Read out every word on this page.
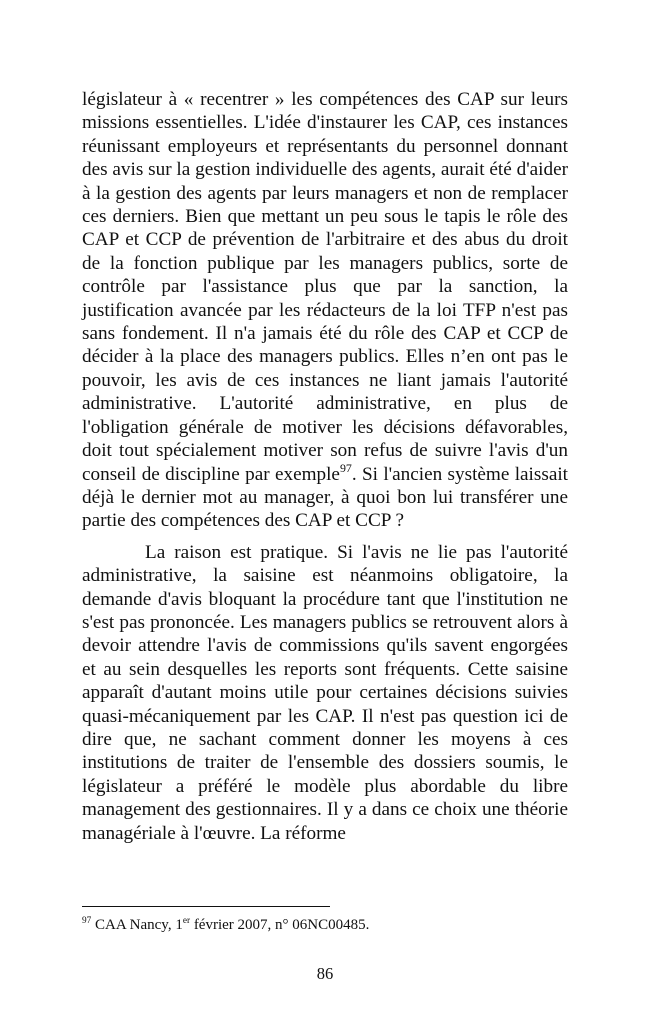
législateur à « recentrer » les compétences des CAP sur leurs missions essentielles. L'idée d'instaurer les CAP, ces instances réunissant employeurs et représentants du personnel donnant des avis sur la gestion individuelle des agents, aurait été d'aider à la gestion des agents par leurs managers et non de remplacer ces derniers. Bien que mettant un peu sous le tapis le rôle des CAP et CCP de prévention de l'arbitraire et des abus du droit de la fonction publique par les managers publics, sorte de contrôle par l'assistance plus que par la sanction, la justification avancée par les rédacteurs de la loi TFP n'est pas sans fondement. Il n'a jamais été du rôle des CAP et CCP de décider à la place des managers publics. Elles n’en ont pas le pouvoir, les avis de ces instances ne liant jamais l'autorité administrative. L'autorité administrative, en plus de l'obligation générale de motiver les décisions défavorables, doit tout spécialement motiver son refus de suivre l'avis d'un conseil de discipline par exemple$^{97}$. Si l'ancien système laissait déjà le dernier mot au manager, à quoi bon lui transférer une partie des compétences des CAP et CCP ?

La raison est pratique. Si l'avis ne lie pas l'autorité administrative, la saisine est néanmoins obligatoire, la demande d'avis bloquant la procédure tant que l'institution ne s'est pas prononcée. Les managers publics se retrouvent alors à devoir attendre l'avis de commissions qu'ils savent engorgées et au sein desquelles les reports sont fréquents. Cette saisine apparaît d'autant moins utile pour certaines décisions suivies quasi-mécaniquement par les CAP. Il n'est pas question ici de dire que, ne sachant comment donner les moyens à ces institutions de traiter de l'ensemble des dossiers soumis, le législateur a préféré le modèle plus abordable du libre management des gestionnaires. Il y a dans ce choix une théorie managériale à l'œuvre. La réforme

$^{97}$ CAA Nancy, 1er février 2007, n° 06NC00485.

86
